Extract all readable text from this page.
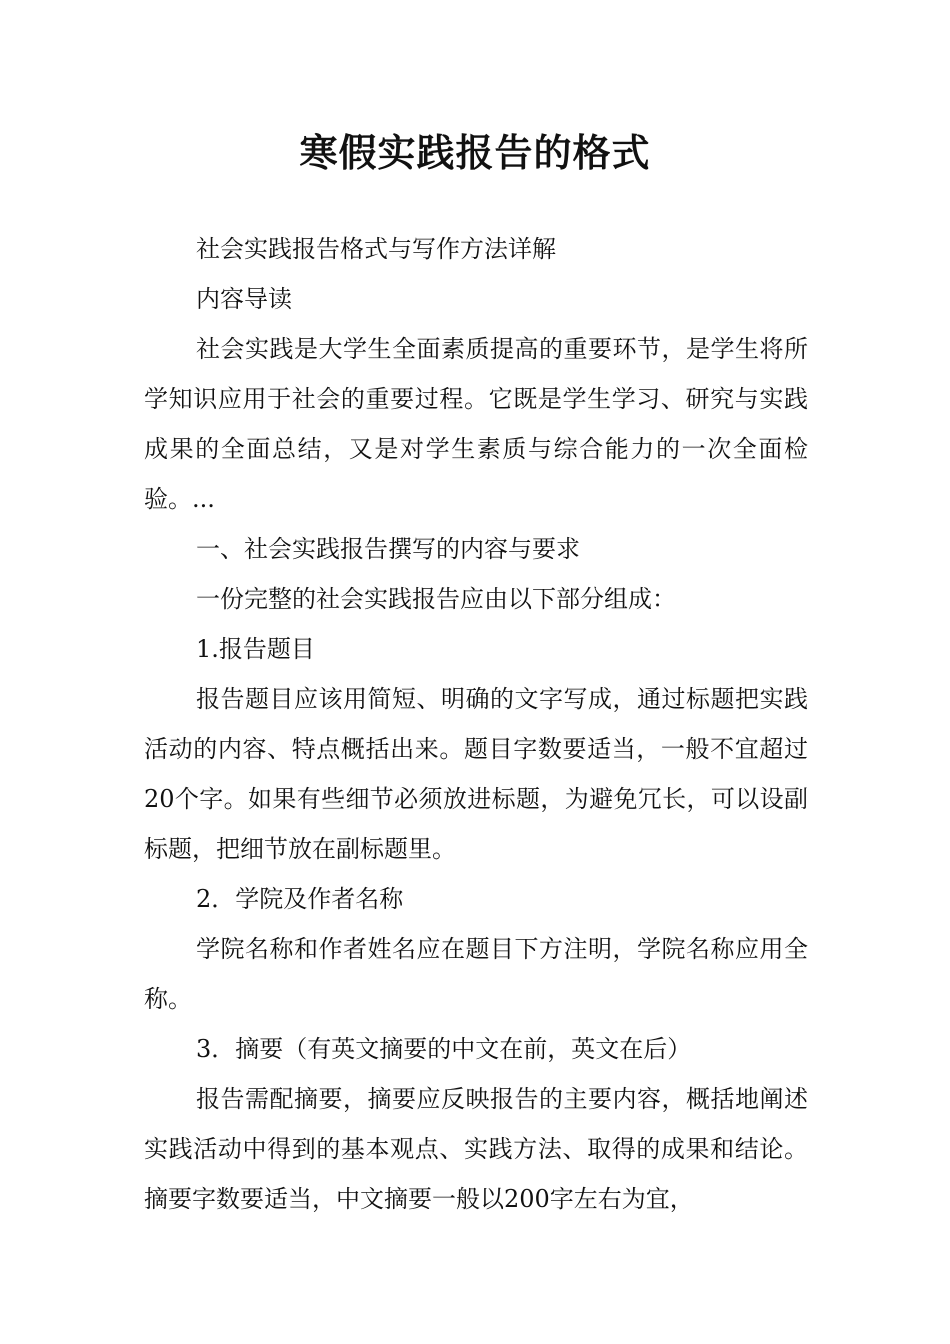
寒假实践报告的格式

社会实践报告格式与写作方法详解

内容导读

社会实践是大学生全面素质提高的重要环节，是学生将所学知识应用于社会的重要过程。它既是学生学习、研究与实践成果的全面总结，又是对学生素质与综合能力的一次全面检验。...

一、社会实践报告撰写的内容与要求

一份完整的社会实践报告应由以下部分组成：

1.报告题目

报告题目应该用简短、明确的文字写成，通过标题把实践活动的内容、特点概括出来。题目字数要适当，一般不宜超过20个字。如果有些细节必须放进标题，为避免冗长，可以设副标题，把细节放在副标题里。

2．学院及作者名称

学院名称和作者姓名应在题目下方注明，学院名称应用全称。

3．摘要（有英文摘要的中文在前，英文在后）

报告需配摘要，摘要应反映报告的主要内容，概括地阐述实践活动中得到的基本观点、实践方法、取得的成果和结论。摘要字数要适当，中文摘要一般以200字左右为宜，
